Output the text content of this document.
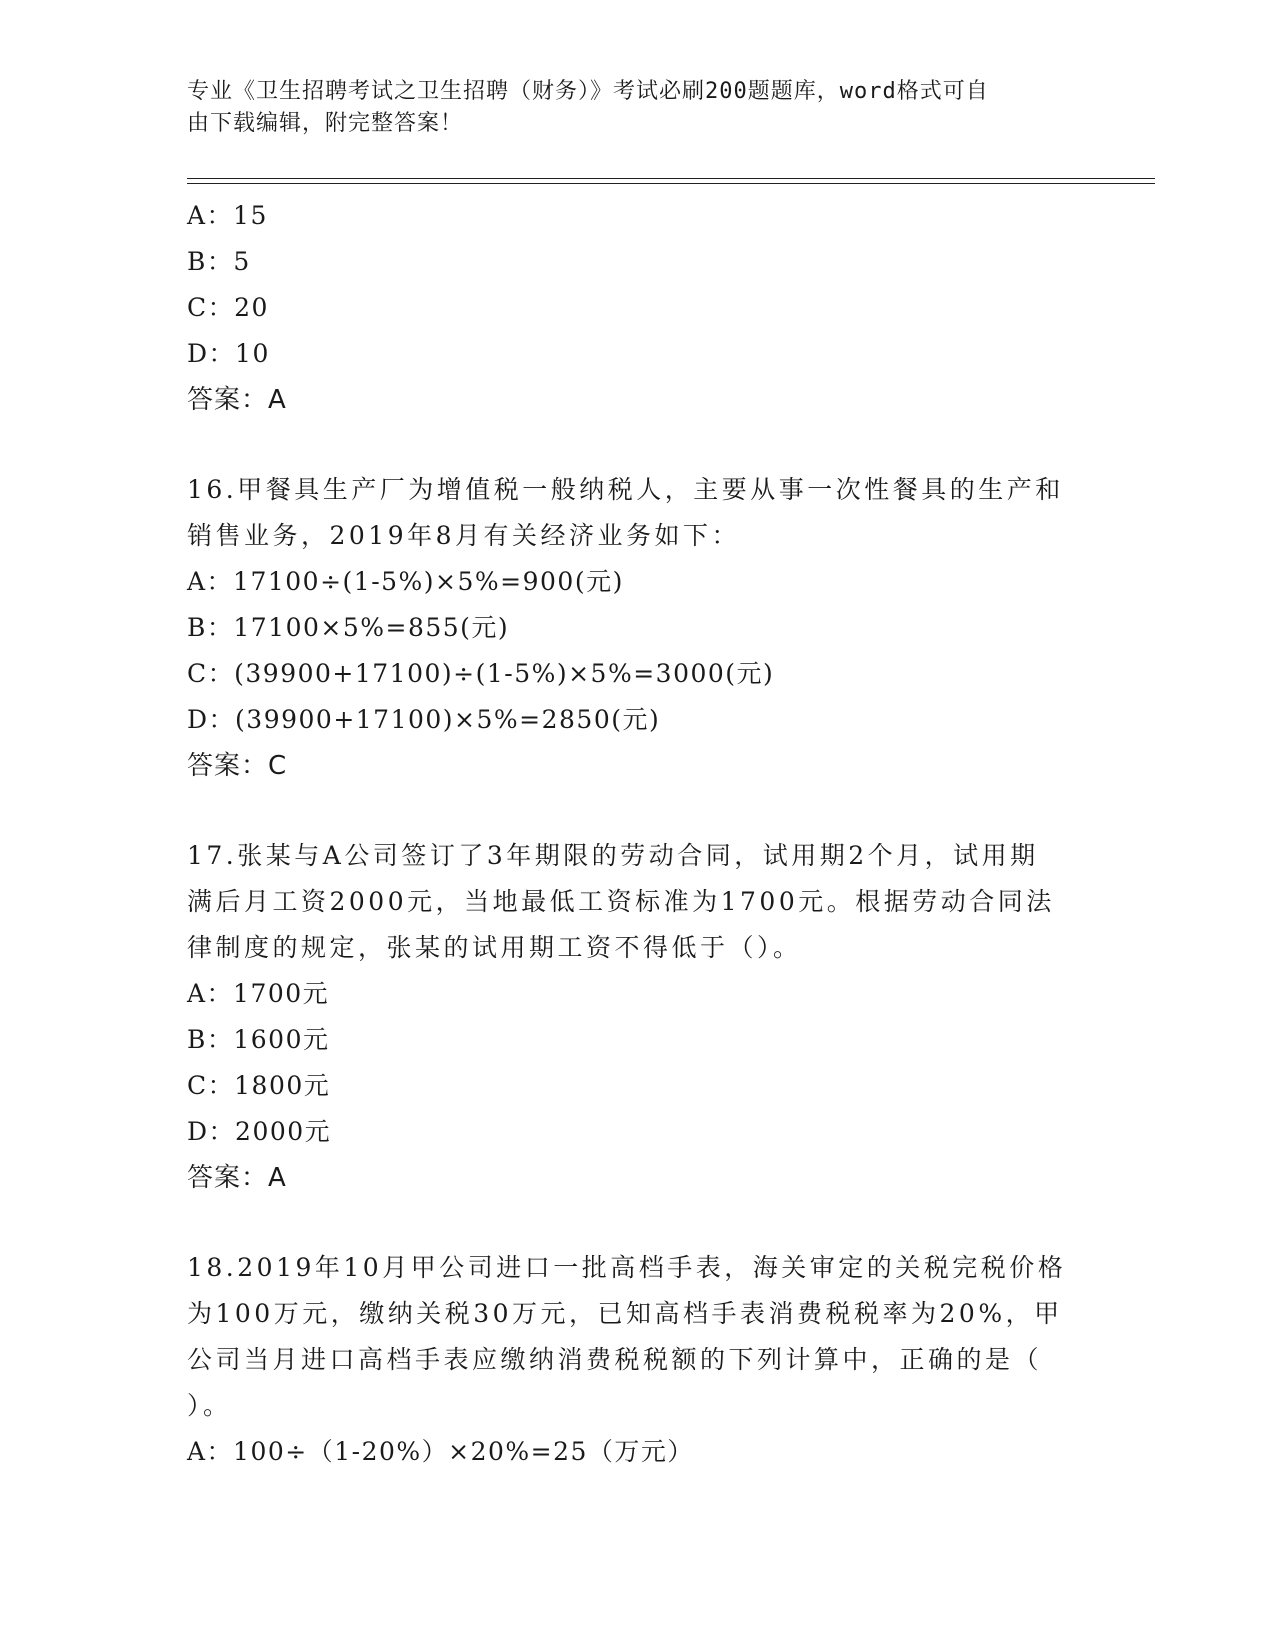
专业《卫生招聘考试之卫生招聘（财务）》考试必刷200题题库，word格式可自
由下载编辑，附完整答案！
A：15
B：5
C：20
D：10
答案：A
16.甲餐具生产厂为增值税一般纳税人，主要从事一次性餐具的生产和
销售业务，2019年8月有关经济业务如下：
A：17100÷(1-5%)×5%=900(元)
B：17100×5%=855(元)
C：(39900+17100)÷(1-5%)×5%=3000(元)
D：(39900+17100)×5%=2850(元)
答案：C
17.张某与A公司签订了3年期限的劳动合同，试用期2个月，试用期
满后月工资2000元，当地最低工资标准为1700元。根据劳动合同法
律制度的规定，张某的试用期工资不得低于（）。
A：1700元
B：1600元
C：1800元
D：2000元
答案：A
18.2019年10月甲公司进口一批高档手表，海关审定的关税完税价格
为100万元，缴纳关税30万元，已知高档手表消费税税率为20%，甲
公司当月进口高档手表应缴纳消费税税额的下列计算中，正确的是（
）。
A：100÷（1-20%）×20%=25（万元）
